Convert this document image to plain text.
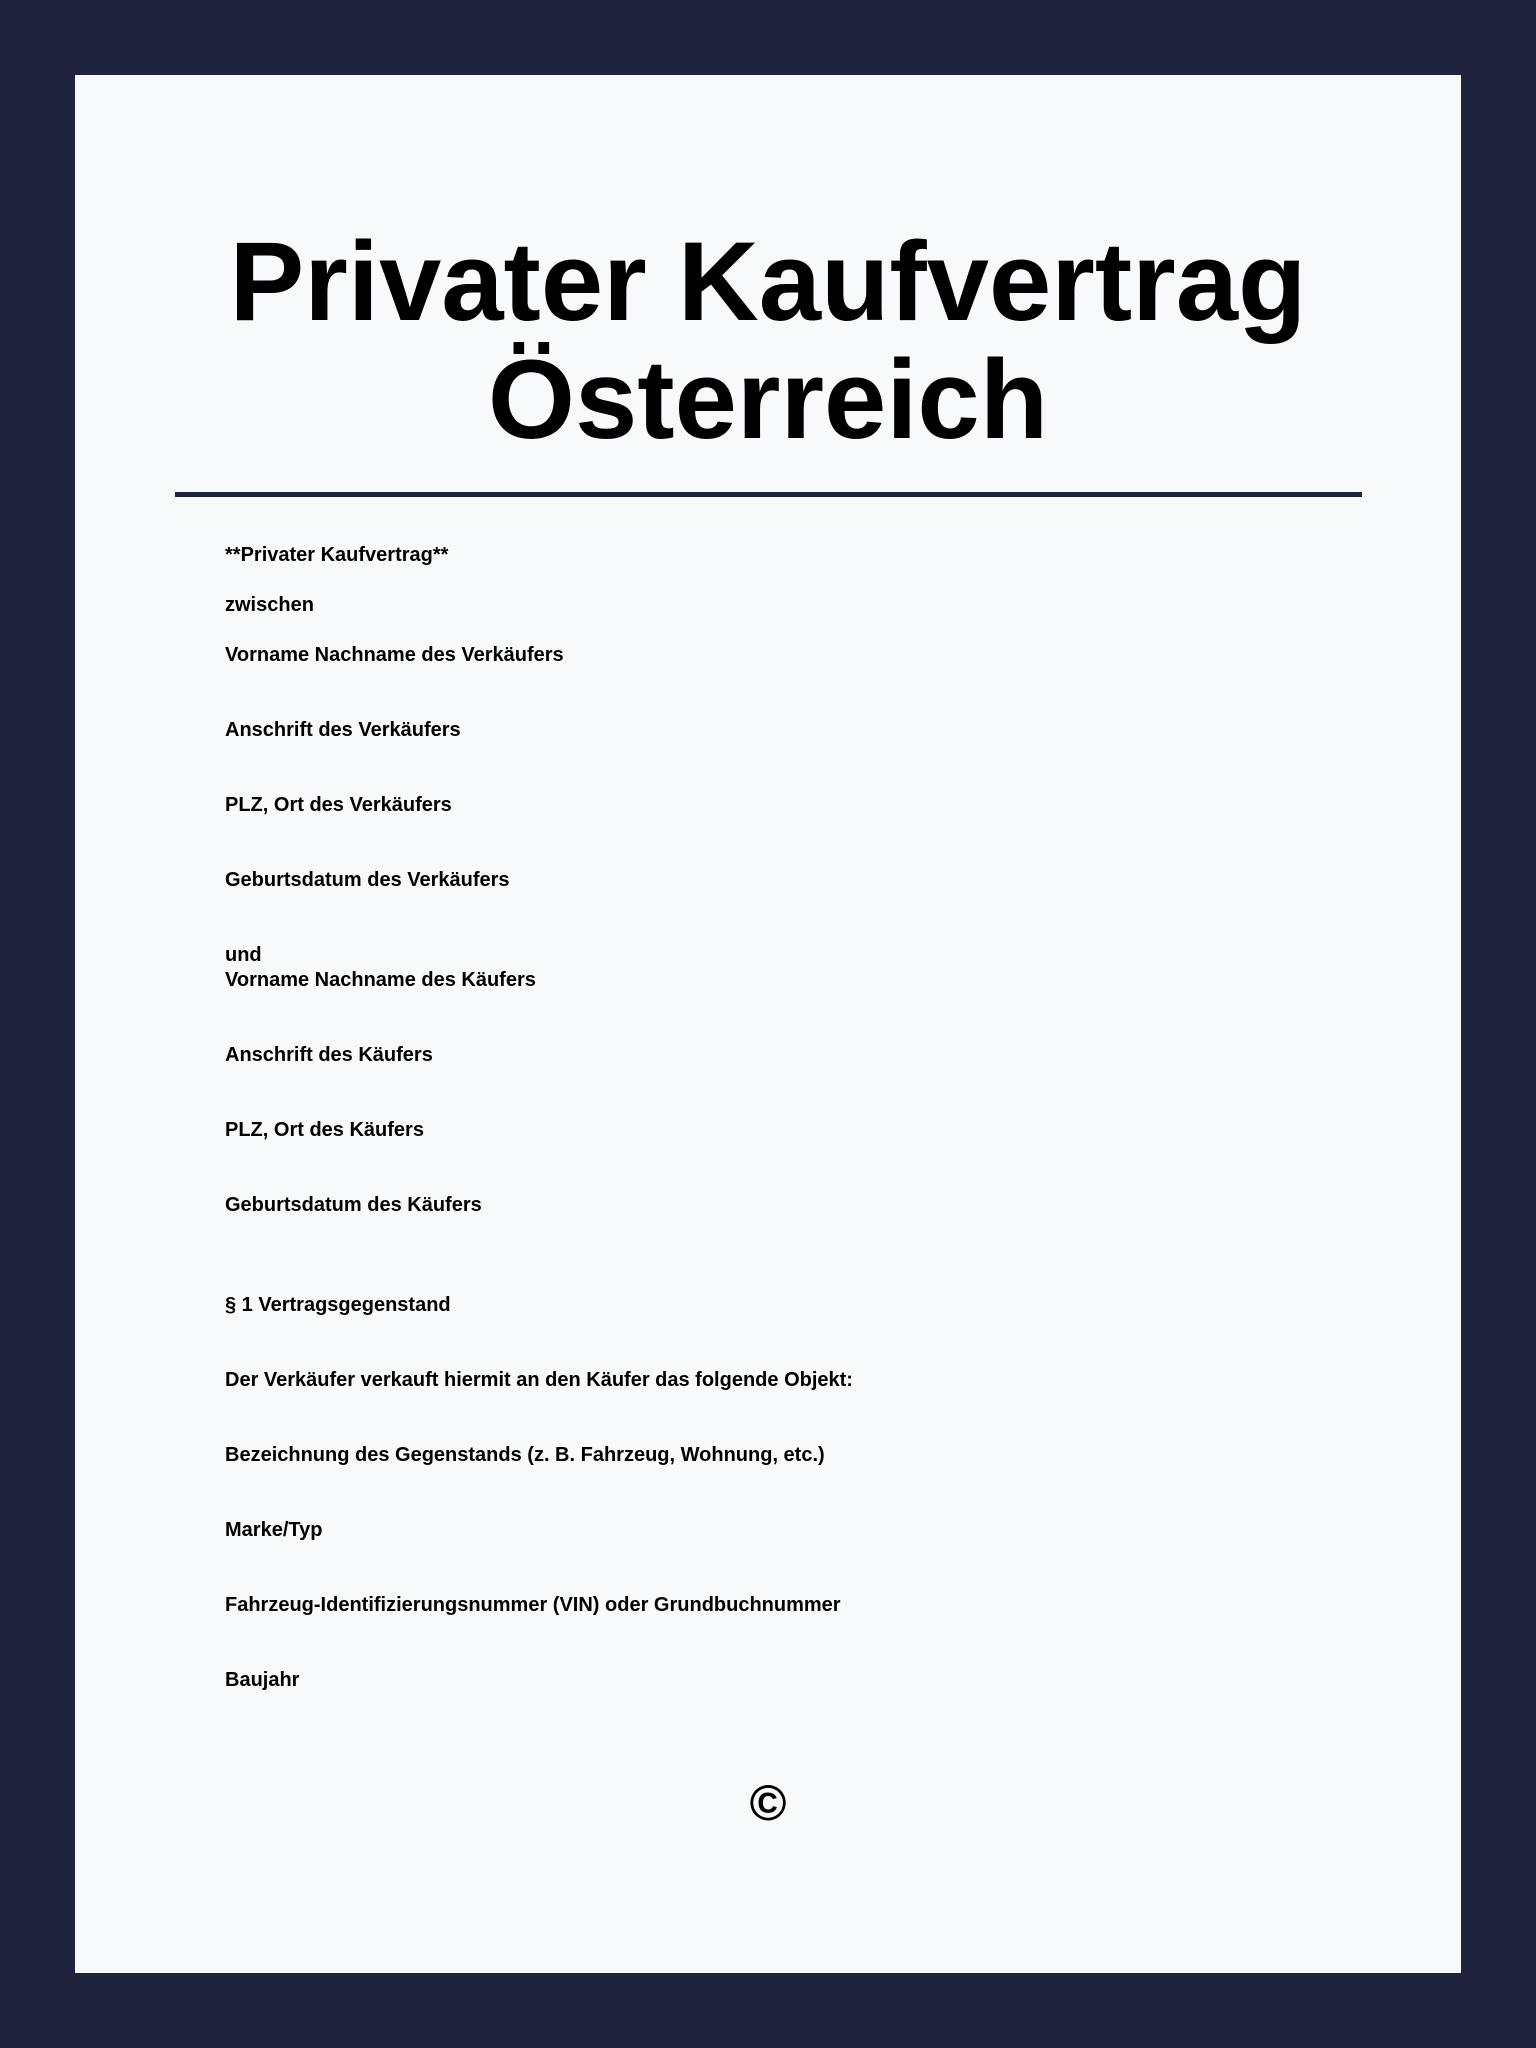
Privater Kaufvertrag
Österreich

**Privater Kaufvertrag**

zwischen

Vorname Nachname des Verkäufers

Anschrift des Verkäufers

PLZ, Ort des Verkäufers

Geburtsdatum des Verkäufers

und

Vorname Nachname des Käufers

Anschrift des Käufers

PLZ, Ort des Käufers

Geburtsdatum des Käufers

§ 1 Vertragsgegenstand

Der Verkäufer verkauft hiermit an den Käufer das folgende Objekt:

Bezeichnung des Gegenstands (z. B. Fahrzeug, Wohnung, etc.)

Marke/Typ

Fahrzeug-Identifizierungsnummer (VIN) oder Grundbuchnummer

Baujahr

©
